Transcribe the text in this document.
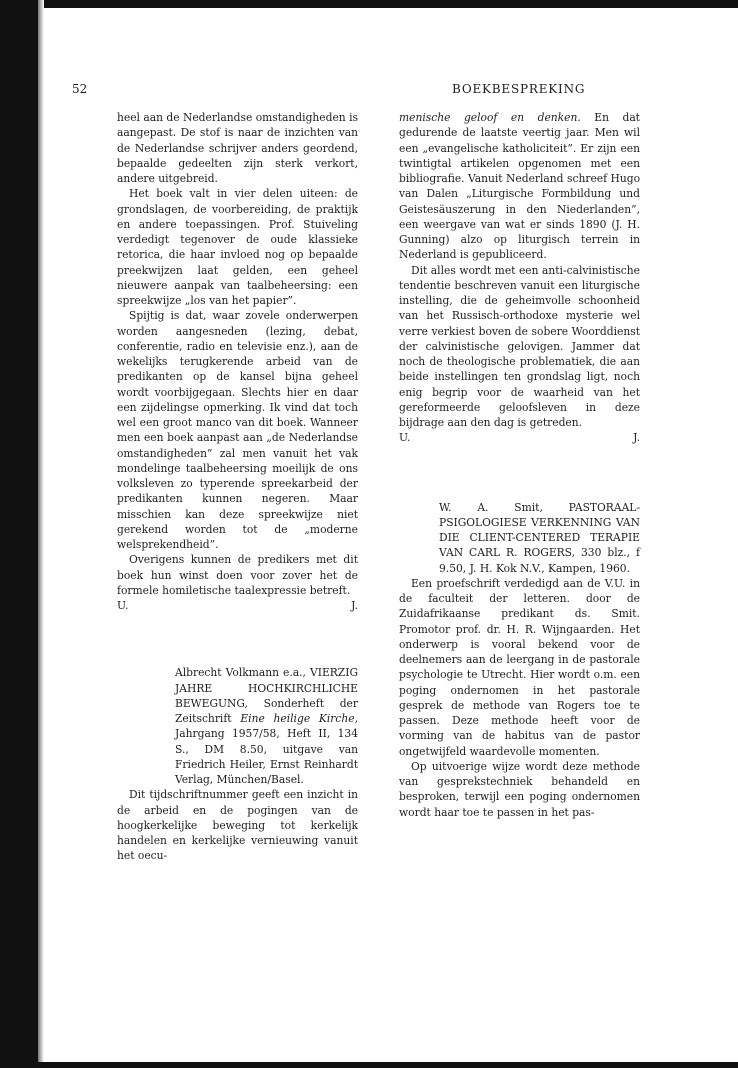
52	BOEKBESPREKING

heel aan de Nederlandse omstandigheden is aangepast. De stof is naar de inzichten van de Nederlandse schrijver anders geordend, bepaalde gedeelten zijn sterk verkort, andere uitgebreid.

Het boek valt in vier delen uiteen: de grondslagen, de voorbereiding, de praktijk en andere toepassingen. Prof. Stuiveling verdedigt tegenover de oude klassieke retorica, die haar invloed nog op bepaalde preekwijzen laat gelden, een geheel nieuwere aanpak van taalbeheersing: een spreekwijze „los van het papier”.

Spijtig is dat, waar zovele onderwerpen worden aangesneden (lezing, debat, conferentie, radio en televisie enz.), aan de wekelijks terugkerende arbeid van de predikanten op de kansel bijna geheel wordt voorbijgegaan. Slechts hier en daar een zijdelingse opmerking. Ik vind dat toch wel een groot manco van dit boek. Wanneer men een boek aanpast aan „de Nederlandse omstandigheden” zal men vanuit het vak mondelinge taalbeheersing moeilijk de ons volksleven zo typerende spreekarbeid der predikanten kunnen negeren. Maar misschien kan deze spreekwijze niet gerekend worden tot de „moderne welsprekendheid”.

Overigens kunnen de predikers met dit boek hun winst doen voor zover het de formele homiletische taalexpressie betreft.

U.	J.

Albrecht Volkmann e.a., VIERZIG JAHRE HOCHKIRCHLICHE BEWEGUNG, Sonderheft der Zeitschrift Eine heilige Kirche, Jahrgang 1957/58, Heft II, 134 S., DM 8.50, uitgave van Friedrich Heiler, Ernst Reinhardt Verlag, München/Basel.

Dit tijdschriftnummer geeft een inzicht in de arbeid en de pogingen van de hoogkerkelijke beweging tot kerkelijk handelen en kerkelijke vernieuwing vanuit het oecu-

menische geloof en denken. En dat gedurende de laatste veertig jaar. Men wil een „evangelische katholiciteit”. Er zijn een twintigtal artikelen opgenomen met een bibliografie. Vanuit Nederland schreef Hugo van Dalen „Liturgische Formbildung und Geistesäuszerung in den Niederlanden”, een weergave van wat er sinds 1890 (J. H. Gunning) alzo op liturgisch terrein in Nederland is gepubliceerd.

Dit alles wordt met een anti-calvinistische tendentie beschreven vanuit een liturgische instelling, die de geheimvolle schoonheid van het Russisch-orthodoxe mysterie wel verre verkiest boven de sobere Woorddienst der calvinistische gelovigen. Jammer dat noch de theologische problematiek, die aan beide instellingen ten grondslag ligt, noch enig begrip voor de waarheid van het gereformeerde geloofsleven in deze bijdrage aan den dag is getreden.

U.	J.

W. A. Smit, PASTORAAL-PSIGOLOGIESE VERKENNING VAN DIE CLIENT-CENTERED TERAPIE VAN CARL R. ROGERS, 330 blz., f 9.50, J. H. Kok N.V., Kampen, 1960.

Een proefschrift verdedigd aan de V.U. in de faculteit der letteren. door de Zuidafrikaanse predikant ds. Smit. Promotor prof. dr. H. R. Wijngaarden. Het onderwerp is vooral bekend voor de deelnemers aan de leergang in de pastorale psychologie te Utrecht. Hier wordt o.m. een poging ondernomen in het pastorale gesprek de methode van Rogers toe te passen. Deze methode heeft voor de vorming van de habitus van de pastor ongetwijfeld waardevolle momenten.

Op uitvoerige wijze wordt deze methode van gesprekstechniek behandeld en besproken, terwijl een poging ondernomen wordt haar toe te passen in het pas-
